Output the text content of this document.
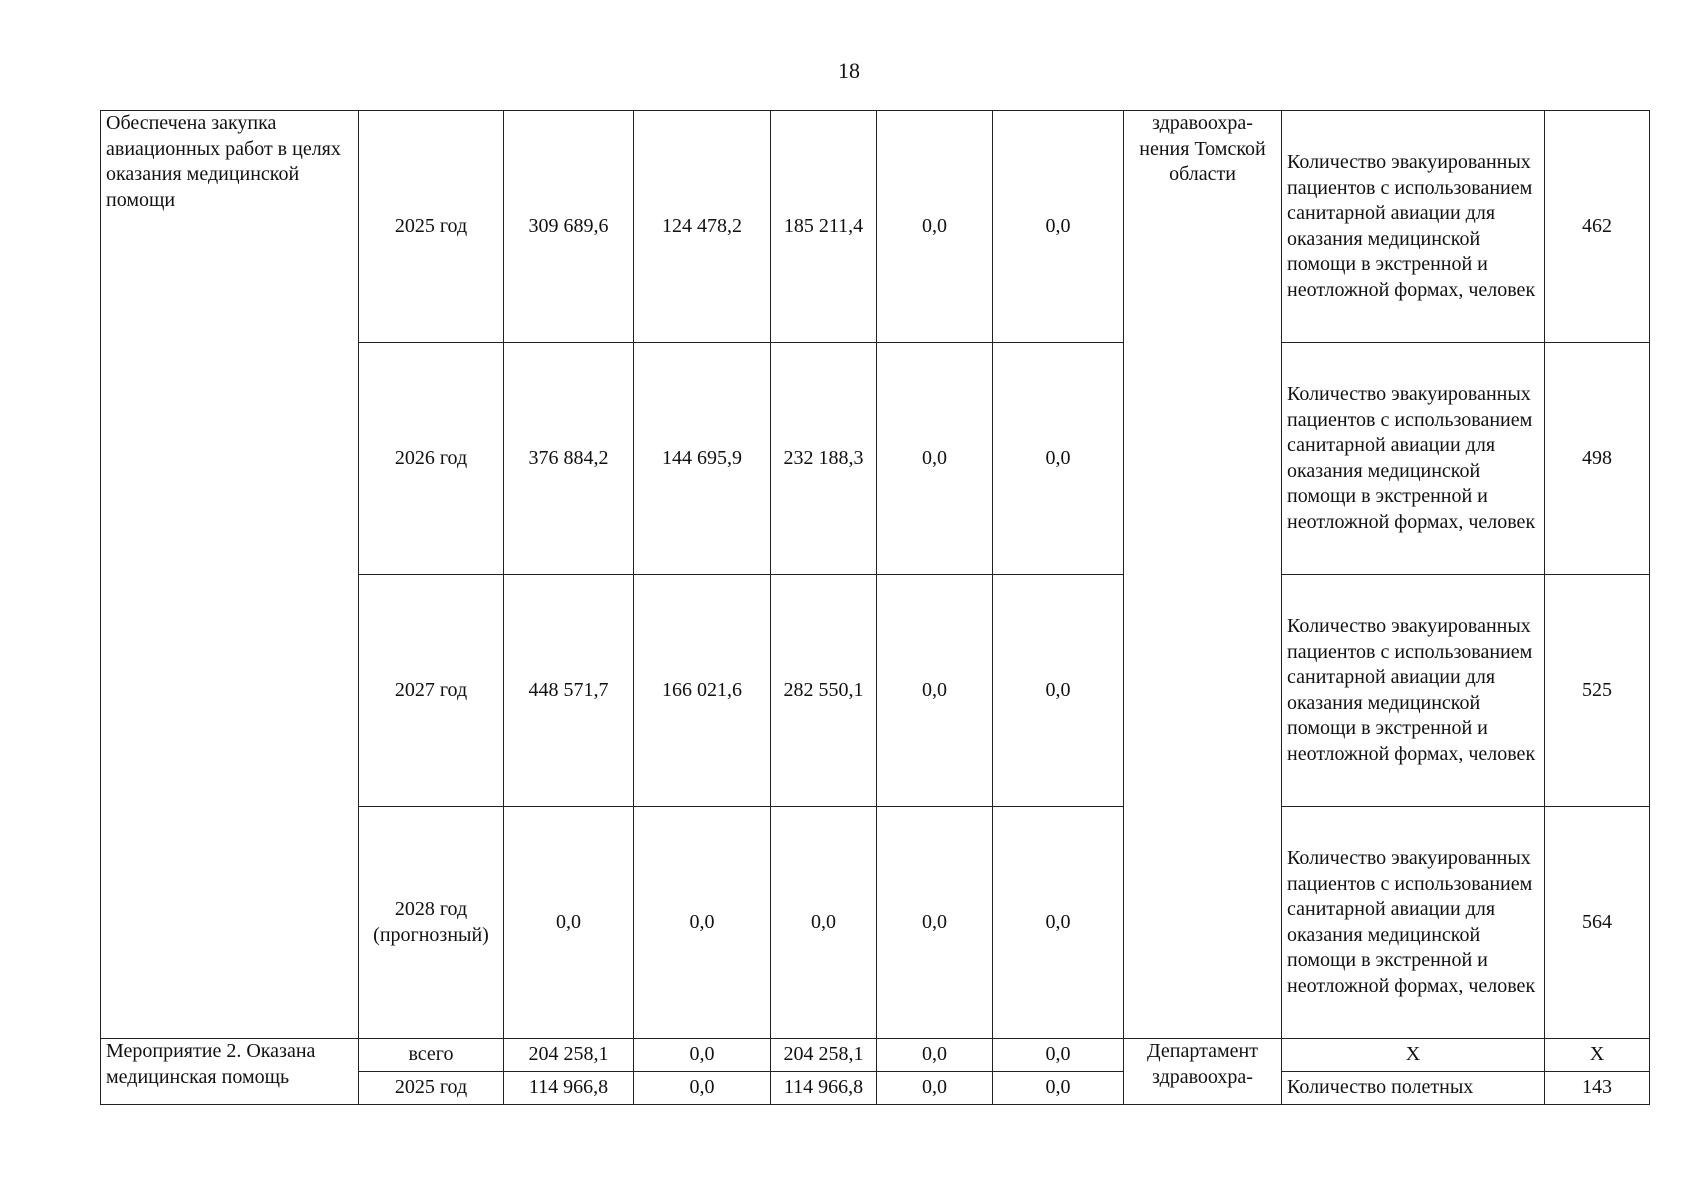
18
Обеспечена закупка авиационных работ в целях оказания медицинской помощи	2025 год	309 689,6	124 478,2	185 211,4	0,0	0,0	здравоохра-нения Томской области	Количество эвакуированных пациентов с использованием санитарной авиации для оказания медицинской помощи в экстренной и неотложной формах, человек	462
	2026 год	376 884,2	144 695,9	232 188,3	0,0	0,0		Количество эвакуированных пациентов с использованием санитарной авиации для оказания медицинской помощи в экстренной и неотложной формах, человек	498
	2027 год	448 571,7	166 021,6	282 550,1	0,0	0,0		Количество эвакуированных пациентов с использованием санитарной авиации для оказания медицинской помощи в экстренной и неотложной формах, человек	525
	2028 год (прогнозный)	0,0	0,0	0,0	0,0	0,0		Количество эвакуированных пациентов с использованием санитарной авиации для оказания медицинской помощи в экстренной и неотложной формах, человек	564
Мероприятие 2. Оказана медицинская помощь	всего	204 258,1	0,0	204 258,1	0,0	0,0	Департамент здравоохра-	X	X
	2025 год	114 966,8	0,0	114 966,8	0,0	0,0		Количество полетных	143
